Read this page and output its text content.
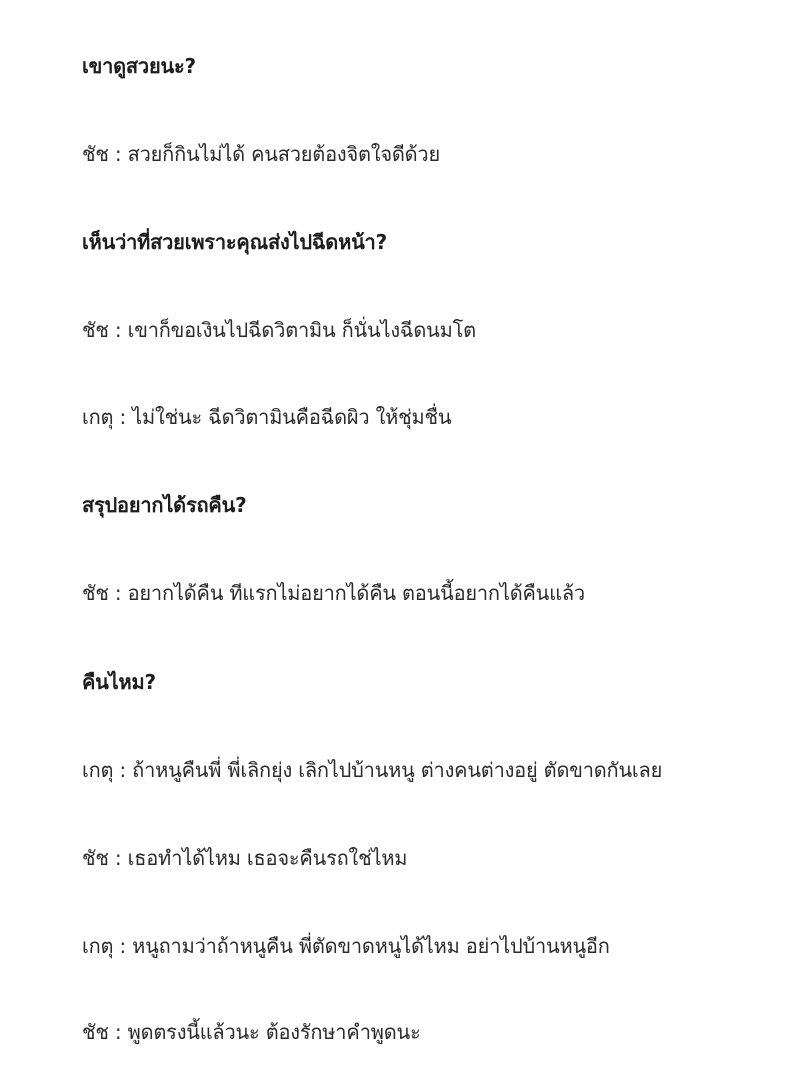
เขาดูสวยนะ?
ชัช : สวยก็กินไม่ได้ คนสวยต้องจิตใจดีด้วย
เห็นว่าที่สวยเพราะคุณส่งไปฉีดหน้า?
ชัช : เขาก็ขอเงินไปฉีดวิตามิน ก็นั่นไงฉีดนมโต
เกตุ : ไม่ใช่นะ ฉีดวิตามินคือฉีดผิว ให้ชุ่มชื่น
สรุปอยากได้รถคืน?
ชัช : อยากได้คืน ทีแรกไม่อยากได้คืน ตอนนี้อยากได้คืนแล้ว
คืนไหม?
เกตุ : ถ้าหนูคืนพี่ พี่เลิกยุ่ง เลิกไปบ้านหนู ต่างคนต่างอยู่ ตัดขาดกันเลย
ชัช : เธอทำได้ไหม เธอจะคืนรถใช่ไหม
เกตุ : หนูถามว่าถ้าหนูคืน พี่ตัดขาดหนูได้ไหม อย่าไปบ้านหนูอีก
ชัช : พูดตรงนี้แล้วนะ ต้องรักษาคำพูดนะ
